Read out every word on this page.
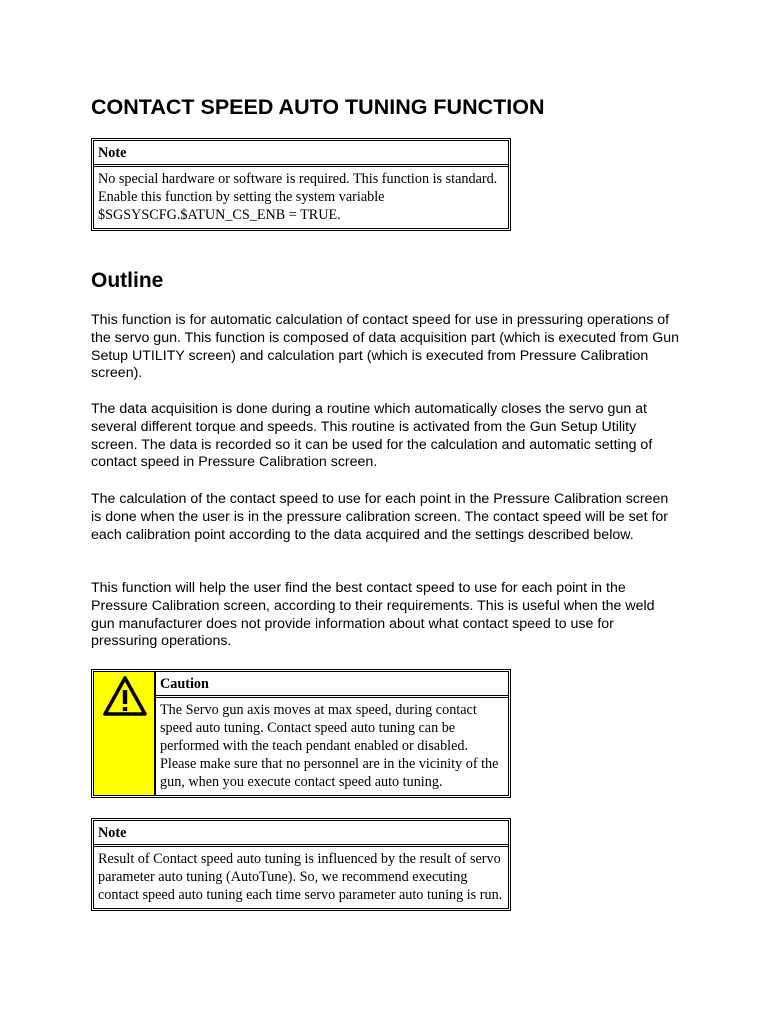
CONTACT SPEED AUTO TUNING FUNCTION
Note
No special hardware or software is required. This function is standard. Enable this function by setting the system variable $SGSYSCFG.$ATUN_CS_ENB = TRUE.
Outline

This function is for automatic calculation of contact speed for use in pressuring operations of the servo gun. This function is composed of data acquisition part (which is executed from Gun Setup UTILITY screen) and calculation part (which is executed from Pressure Calibration screen).

The data acquisition is done during a routine which automatically closes the servo gun at several different torque and speeds. This routine is activated from the Gun Setup Utility screen. The data is recorded so it can be used for the calculation and automatic setting of contact speed in Pressure Calibration screen.

The calculation of the contact speed to use for each point in the Pressure Calibration screen is done when the user is in the pressure calibration screen. The contact speed will be set for each calibration point according to the data acquired and the settings described below.

This function will help the user find the best contact speed to use for each point in the Pressure Calibration screen, according to their requirements. This is useful when the weld gun manufacturer does not provide information about what contact speed to use for pressuring operations.

Caution
The Servo gun axis moves at max speed, during contact speed auto tuning. Contact speed auto tuning can be performed with the teach pendant enabled or disabled. Please make sure that no personnel are in the vicinity of the gun, when you execute contact speed auto tuning.
Note
Result of Contact speed auto tuning is influenced by the result of servo parameter auto tuning (AutoTune). So, we recommend executing contact speed auto tuning each time servo parameter auto tuning is run.
